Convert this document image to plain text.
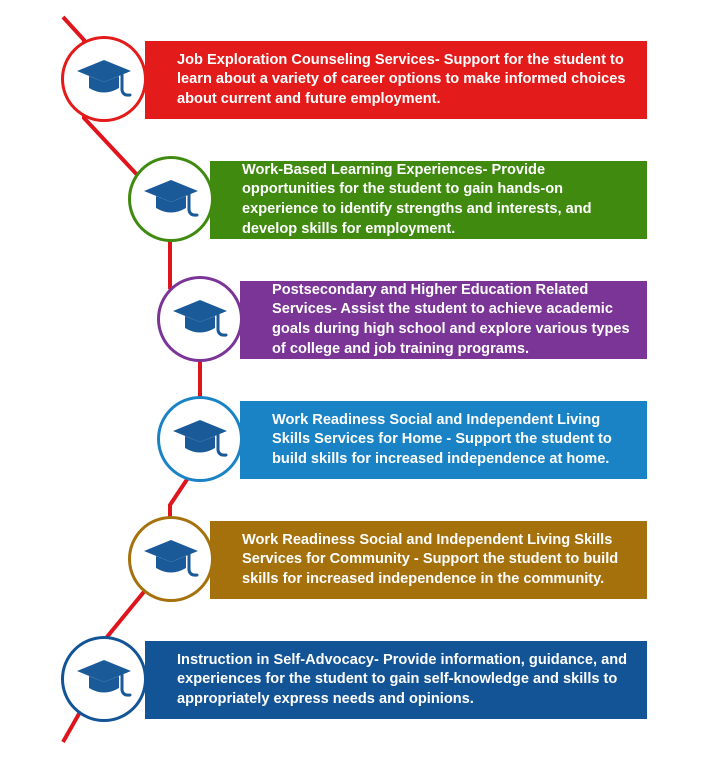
Job Exploration Counseling Services- Support for the student to learn about a variety of career options to make informed choices about current and future employment.
Work-Based Learning Experiences- Provide opportunities for the student to gain hands-on experience to identify strengths and interests, and develop skills for employment.
Postsecondary and Higher Education Related Services- Assist the student to achieve academic goals during high school and explore various types of college and job training programs.
Work Readiness Social and Independent Living Skills Services for Home - Support the student to build skills for increased independence at home.
Work Readiness Social and Independent Living Skills Services for Community - Support the student to build skills for increased independence in the community.
Instruction in Self-Advocacy- Provide information, guidance, and experiences for the student to gain self-knowledge and skills to appropriately express needs and opinions.
